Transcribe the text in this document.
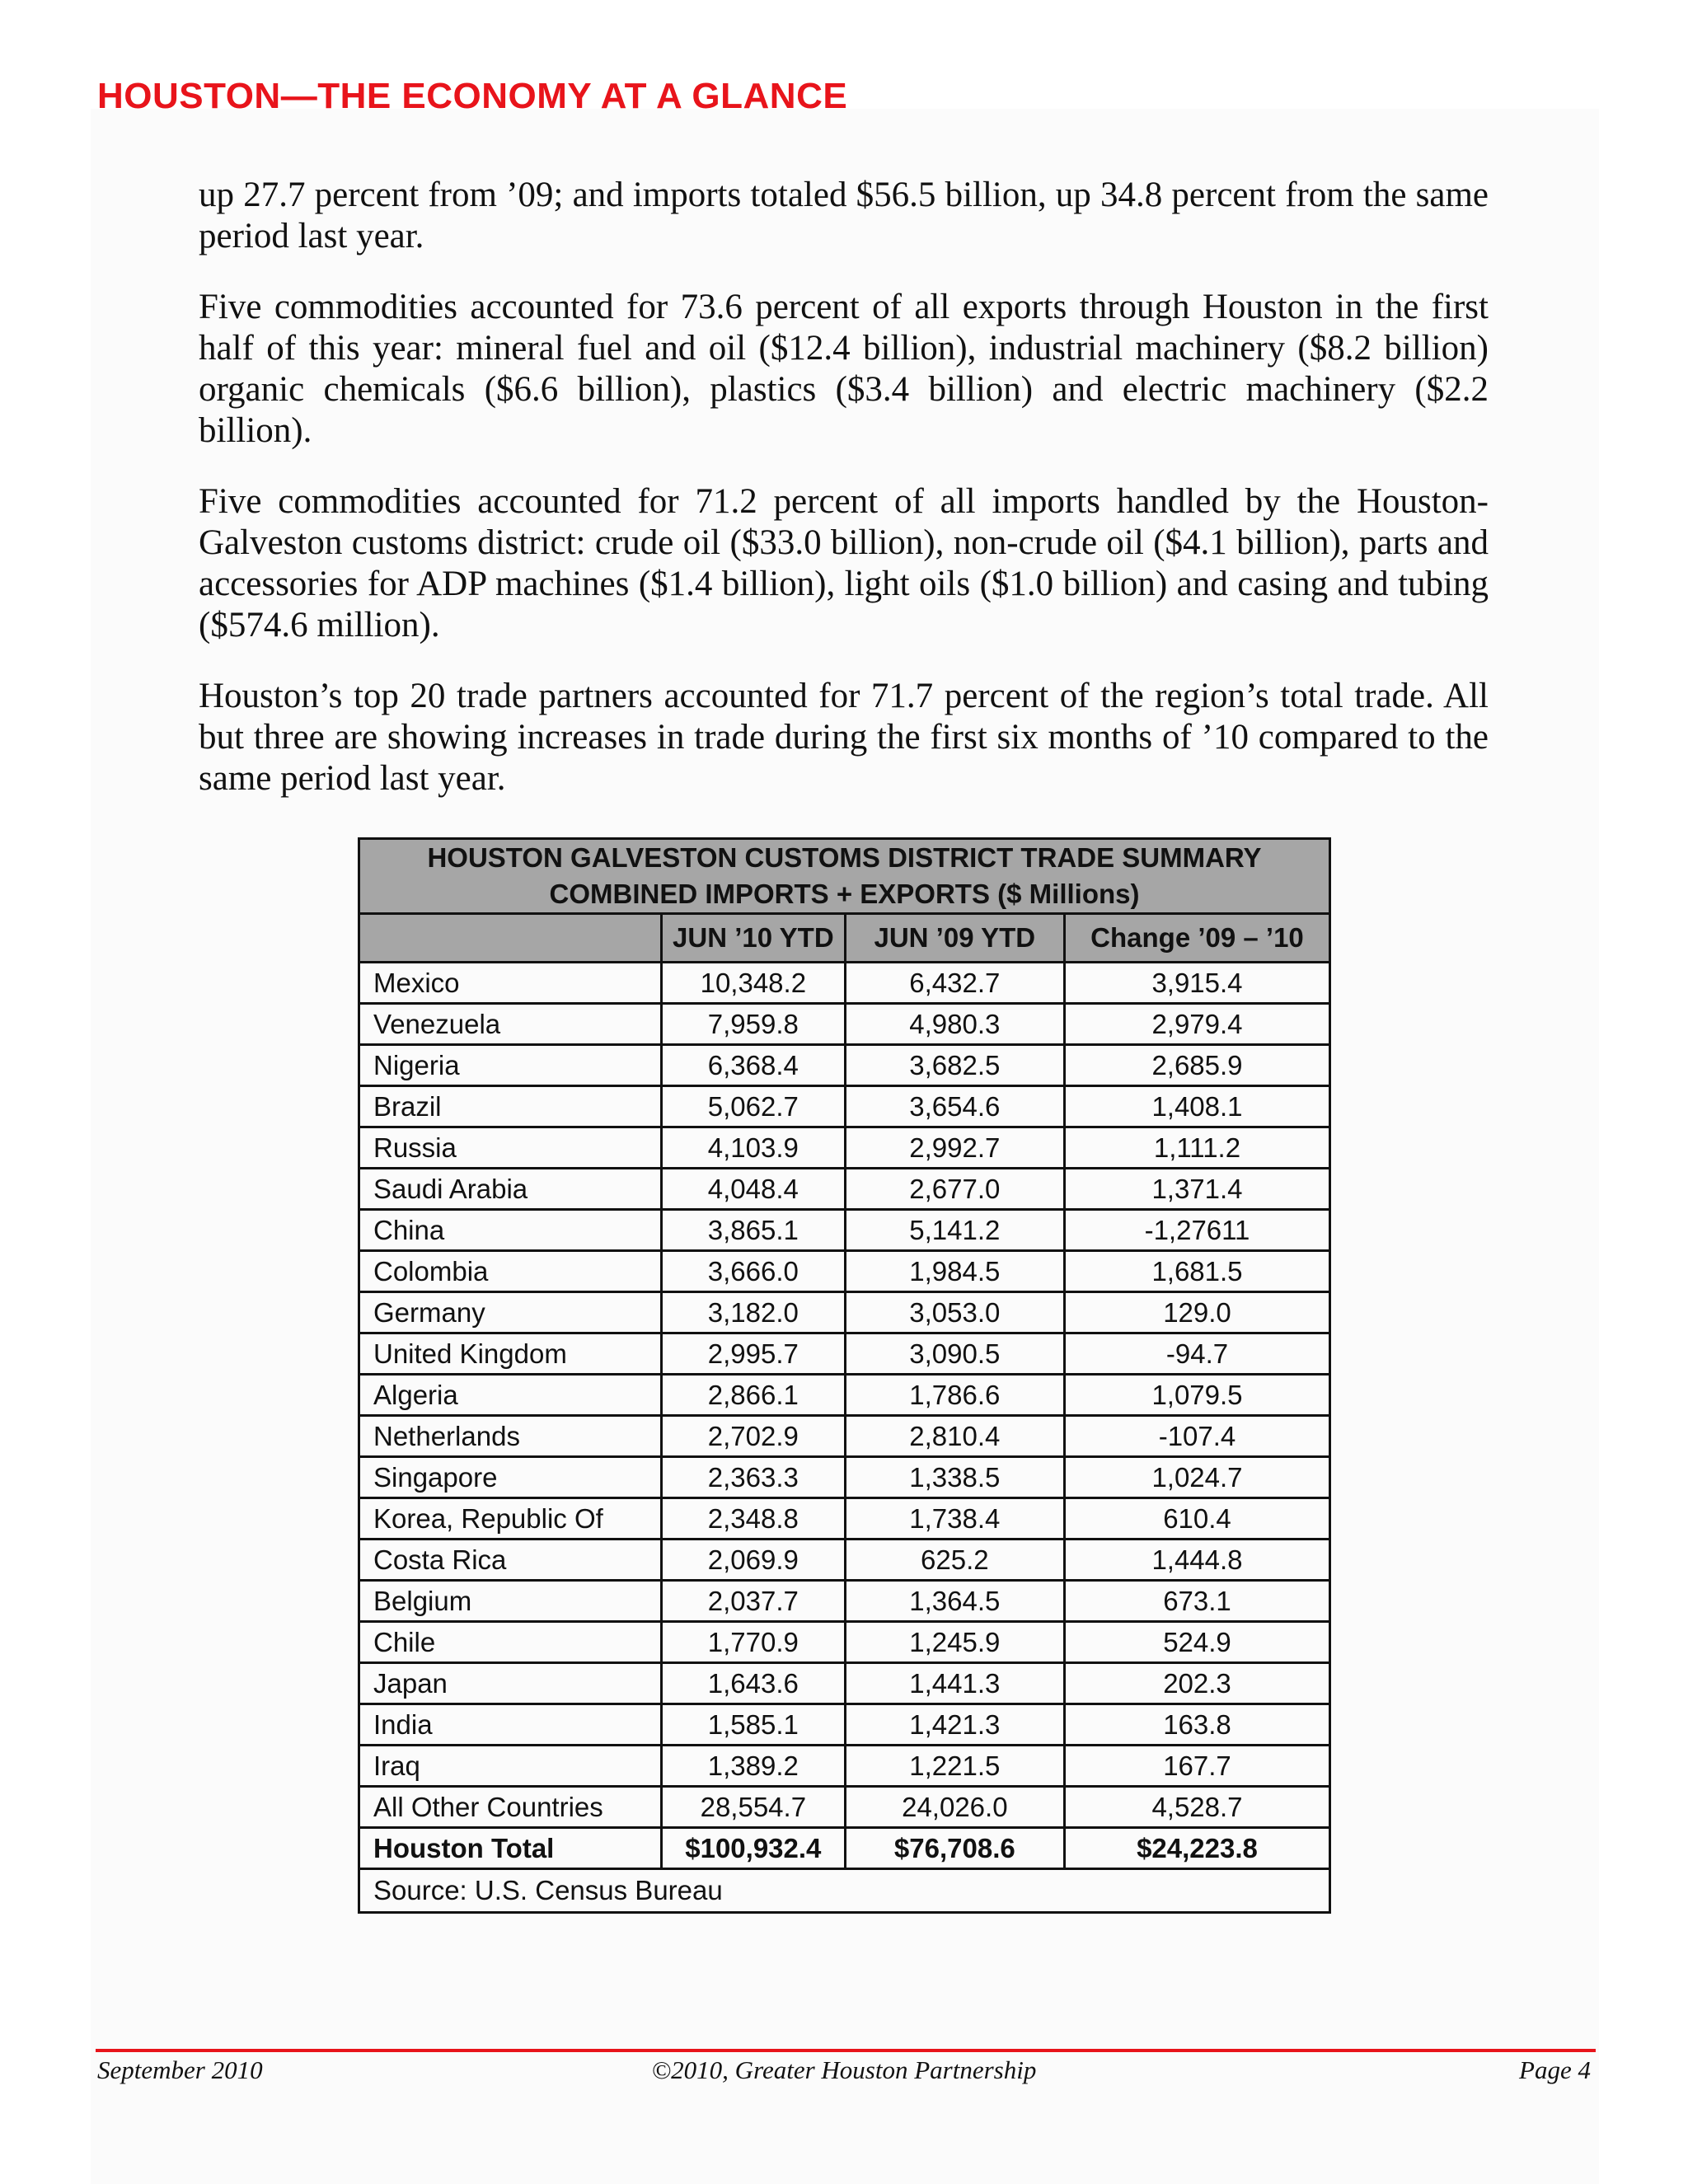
HOUSTON—THE ECONOMY AT A GLANCE

up 27.7 percent from ’09; and imports totaled $56.5 billion, up 34.8 percent from the same period last year.

Five commodities accounted for 73.6 percent of all exports through Houston in the first half of this year: mineral fuel and oil ($12.4 billion), industrial machinery ($8.2 billion) organic chemicals ($6.6 billion), plastics ($3.4 billion) and electric machinery ($2.2 billion).

Five commodities accounted for 71.2 percent of all imports handled by the Houston-Galveston customs district: crude oil ($33.0 billion), non-crude oil ($4.1 billion), parts and accessories for ADP machines ($1.4 billion), light oils ($1.0 billion) and casing and tubing ($574.6 million).

Houston’s top 20 trade partners accounted for 71.7 percent of the region’s total trade. All but three are showing increases in trade during the first six months of ’10 compared to the same period last year.

HOUSTON GALVESTON CUSTOMS DISTRICT TRADE SUMMARY
COMBINED IMPORTS + EXPORTS ($ Millions)			

	JUN ’10 YTD	JUN ’09 YTD	Change ’09 – ’10
Mexico	10,348.2	6,432.7	3,915.4
Venezuela	7,959.8	4,980.3	2,979.4
Nigeria	6,368.4	3,682.5	2,685.9
Brazil	5,062.7	3,654.6	1,408.1
Russia	4,103.9	2,992.7	1,111.2
Saudi Arabia	4,048.4	2,677.0	1,371.4
China	3,865.1	5,141.2	-1,27611
Colombia	3,666.0	1,984.5	1,681.5
Germany	3,182.0	3,053.0	129.0
United Kingdom	2,995.7	3,090.5	-94.7
Algeria	2,866.1	1,786.6	1,079.5
Netherlands	2,702.9	2,810.4	-107.4
Singapore	2,363.3	1,338.5	1,024.7
Korea, Republic Of	2,348.8	1,738.4	610.4
Costa Rica	2,069.9	625.2	1,444.8
Belgium	2,037.7	1,364.5	673.1
Chile	1,770.9	1,245.9	524.9
Japan	1,643.6	1,441.3	202.3
India	1,585.1	1,421.3	163.8
Iraq	1,389.2	1,221.5	167.7
All Other Countries	28,554.7	24,026.0	4,528.7
Houston Total	$100,932.4	$76,708.6	$24,223.8
Source: U.S. Census Bureau			
September 2010	©2010, Greater Houston Partnership	Page 4
